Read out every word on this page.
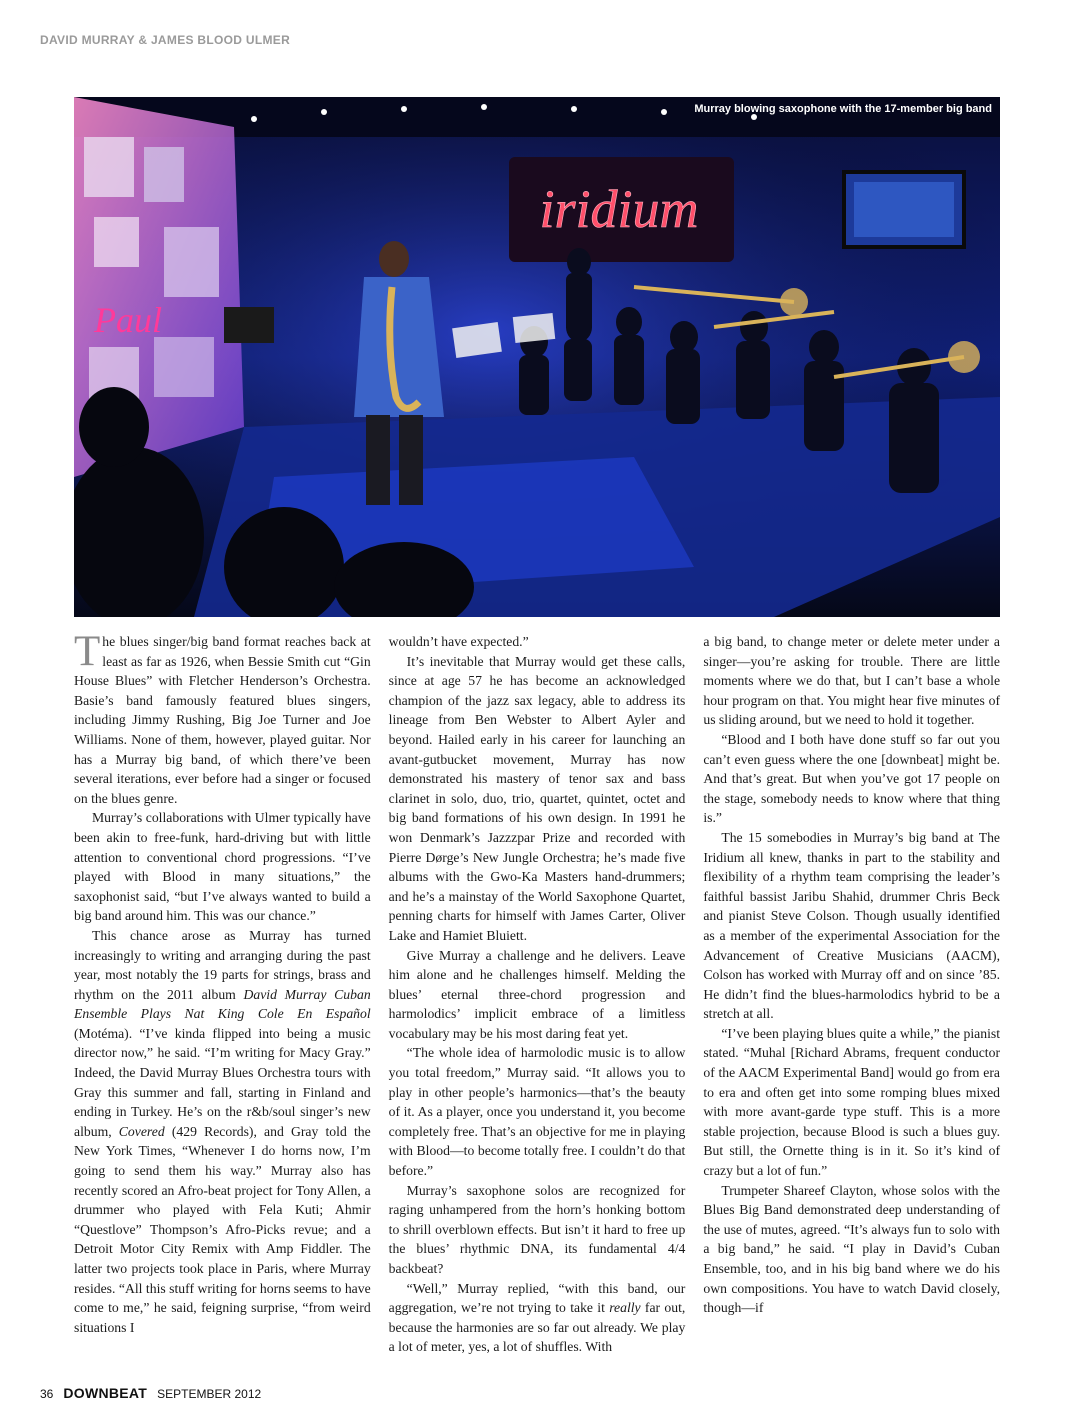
DAVID MURRAY & JAMES BLOOD ULMER
Paul
iridium
Murray blowing saxophone with the 17-member big band

The blues singer/big band format reaches back at least as far as 1926, when Bessie Smith cut “Gin House Blues” with Fletcher Henderson’s Orchestra. Basie’s band famously featured blues singers, including Jimmy Rushing, Big Joe Turner and Joe Williams. None of them, however, played guitar. Nor has a Murray big band, of which there’ve been several iterations, ever before had a singer or focused on the blues genre.

Murray’s collaborations with Ulmer typically have been akin to free-funk, hard-driving but with little attention to conventional chord progressions. “I’ve played with Blood in many situations,” the saxophonist said, “but I’ve always wanted to build a big band around him. This was our chance.”

This chance arose as Murray has turned increasingly to writing and arranging during the past year, most notably the 19 parts for strings, brass and rhythm on the 2011 album David Murray Cuban Ensemble Plays Nat King Cole En Español (Motéma). “I’ve kinda flipped into being a music director now,” he said. “I’m writing for Macy Gray.” Indeed, the David Murray Blues Orchestra tours with Gray this summer and fall, starting in Finland and ending in Turkey. He’s on the r&b/soul singer’s new album, Covered (429 Records), and Gray told the New York Times, “Whenever I do horns now, I’m going to send them his way.” Murray also has recently scored an Afro-beat project for Tony Allen, a drummer who played with Fela Kuti; Ahmir “Questlove” Thompson’s Afro-Picks revue; and a Detroit Motor City Remix with Amp Fiddler. The latter two projects took place in Paris, where Murray resides. “All this stuff writing for horns seems to have come to me,” he said, feigning surprise, “from weird situations I

wouldn’t have expected.”

It’s inevitable that Murray would get these calls, since at age 57 he has become an acknowledged champion of the jazz sax legacy, able to address its lineage from Ben Webster to Albert Ayler and beyond. Hailed early in his career for launching an avant-gutbucket movement, Murray has now demonstrated his mastery of tenor sax and bass clarinet in solo, duo, trio, quartet, quintet, octet and big band formations of his own design. In 1991 he won Denmark’s Jazzzpar Prize and recorded with Pierre Dørge’s New Jungle Orchestra; he’s made five albums with the Gwo-Ka Masters hand-drummers; and he’s a mainstay of the World Saxophone Quartet, penning charts for himself with James Carter, Oliver Lake and Hamiet Bluiett.

Give Murray a challenge and he delivers. Leave him alone and he challenges himself. Melding the blues’ eternal three-chord progression and harmolodics’ implicit embrace of a limitless vocabulary may be his most daring feat yet.

“The whole idea of harmolodic music is to allow you total freedom,” Murray said. “It allows you to play in other people’s harmonics—that’s the beauty of it. As a player, once you understand it, you become completely free. That’s an objective for me in playing with Blood—to become totally free. I couldn’t do that before.”

Murray’s saxophone solos are recognized for raging unhampered from the horn’s honking bottom to shrill overblown effects. But isn’t it hard to free up the blues’ rhythmic DNA, its fundamental 4/4 backbeat?

“Well,” Murray replied, “with this band, our aggregation, we’re not trying to take it really far out, because the harmonies are so far out already. We play a lot of meter, yes, a lot of shuffles. With

a big band, to change meter or delete meter under a singer—you’re asking for trouble. There are little moments where we do that, but I can’t base a whole hour program on that. You might hear five minutes of us sliding around, but we need to hold it together.

“Blood and I both have done stuff so far out you can’t even guess where the one [downbeat] might be. And that’s great. But when you’ve got 17 people on the stage, somebody needs to know where that thing is.”

The 15 somebodies in Murray’s big band at The Iridium all knew, thanks in part to the stability and flexibility of a rhythm team comprising the leader’s faithful bassist Jaribu Shahid, drummer Chris Beck and pianist Steve Colson. Though usually identified as a member of the experimental Association for the Advancement of Creative Musicians (AACM), Colson has worked with Murray off and on since ’85. He didn’t find the blues-harmolodics hybrid to be a stretch at all.

“I’ve been playing blues quite a while,” the pianist stated. “Muhal [Richard Abrams, frequent conductor of the AACM Experimental Band] would go from era to era and often get into some romping blues mixed with more avant-garde type stuff. This is a more stable projection, because Blood is such a blues guy. But still, the Ornette thing is in it. So it’s kind of crazy but a lot of fun.”

Trumpeter Shareef Clayton, whose solos with the Blues Big Band demonstrated deep understanding of the use of mutes, agreed. “It’s always fun to solo with a big band,” he said. “I play in David’s Cuban Ensemble, too, and in his big band where we do his own compositions. You have to watch David closely, though—if

36 DOWNBEAT SEPTEMBER 2012
